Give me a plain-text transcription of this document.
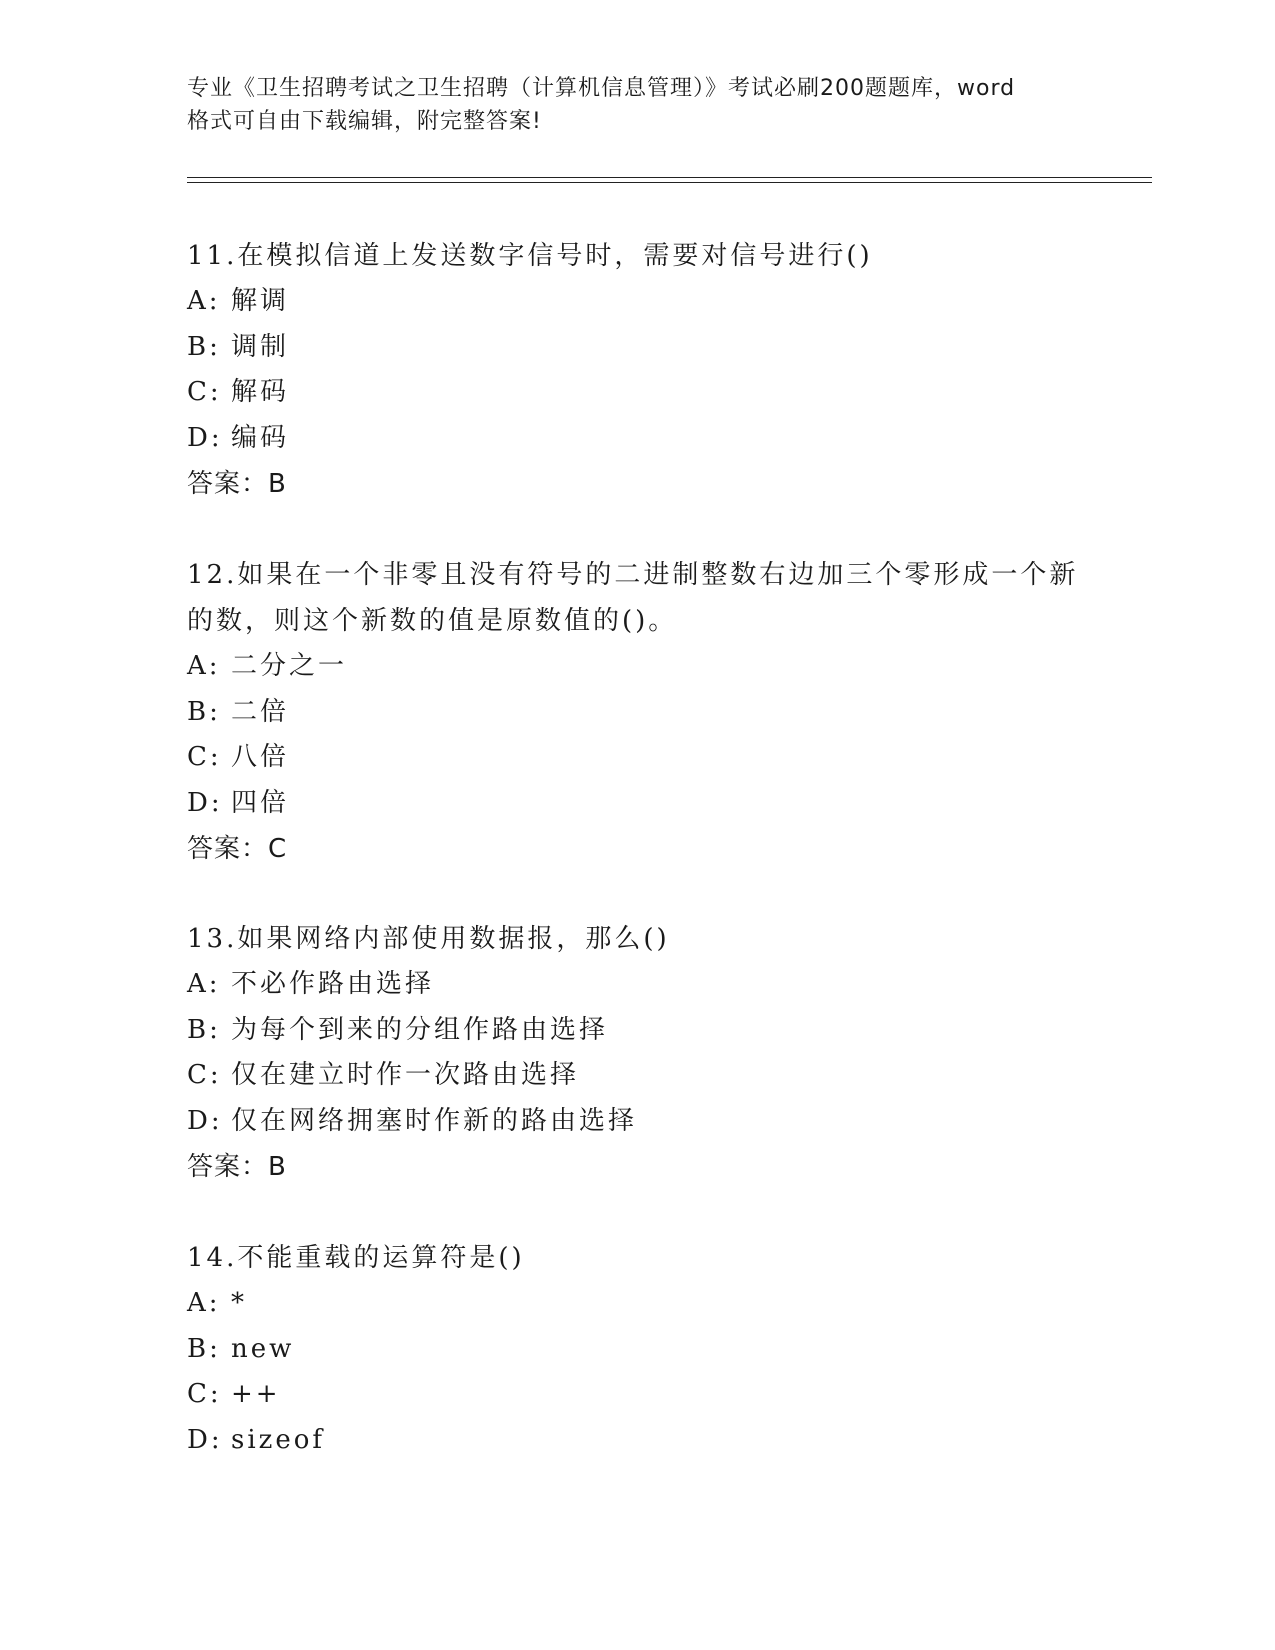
专业《卫生招聘考试之卫生招聘（计算机信息管理）》考试必刷200题题库，word
格式可自由下载编辑，附完整答案!
11.在模拟信道上发送数字信号时，需要对信号进行()
A: 解调
B: 调制
C: 解码
D: 编码
答案：B
12.如果在一个非零且没有符号的二进制整数右边加三个零形成一个新
的数，则这个新数的值是原数值的()。
A: 二分之一
B: 二倍
C: 八倍
D: 四倍
答案：C
13.如果网络内部使用数据报，那么()
A: 不必作路由选择
B: 为每个到来的分组作路由选择
C: 仅在建立时作一次路由选择
D: 仅在网络拥塞时作新的路由选择
答案：B
14.不能重载的运算符是()
A: *
B: new
C: ++
D: sizeof
